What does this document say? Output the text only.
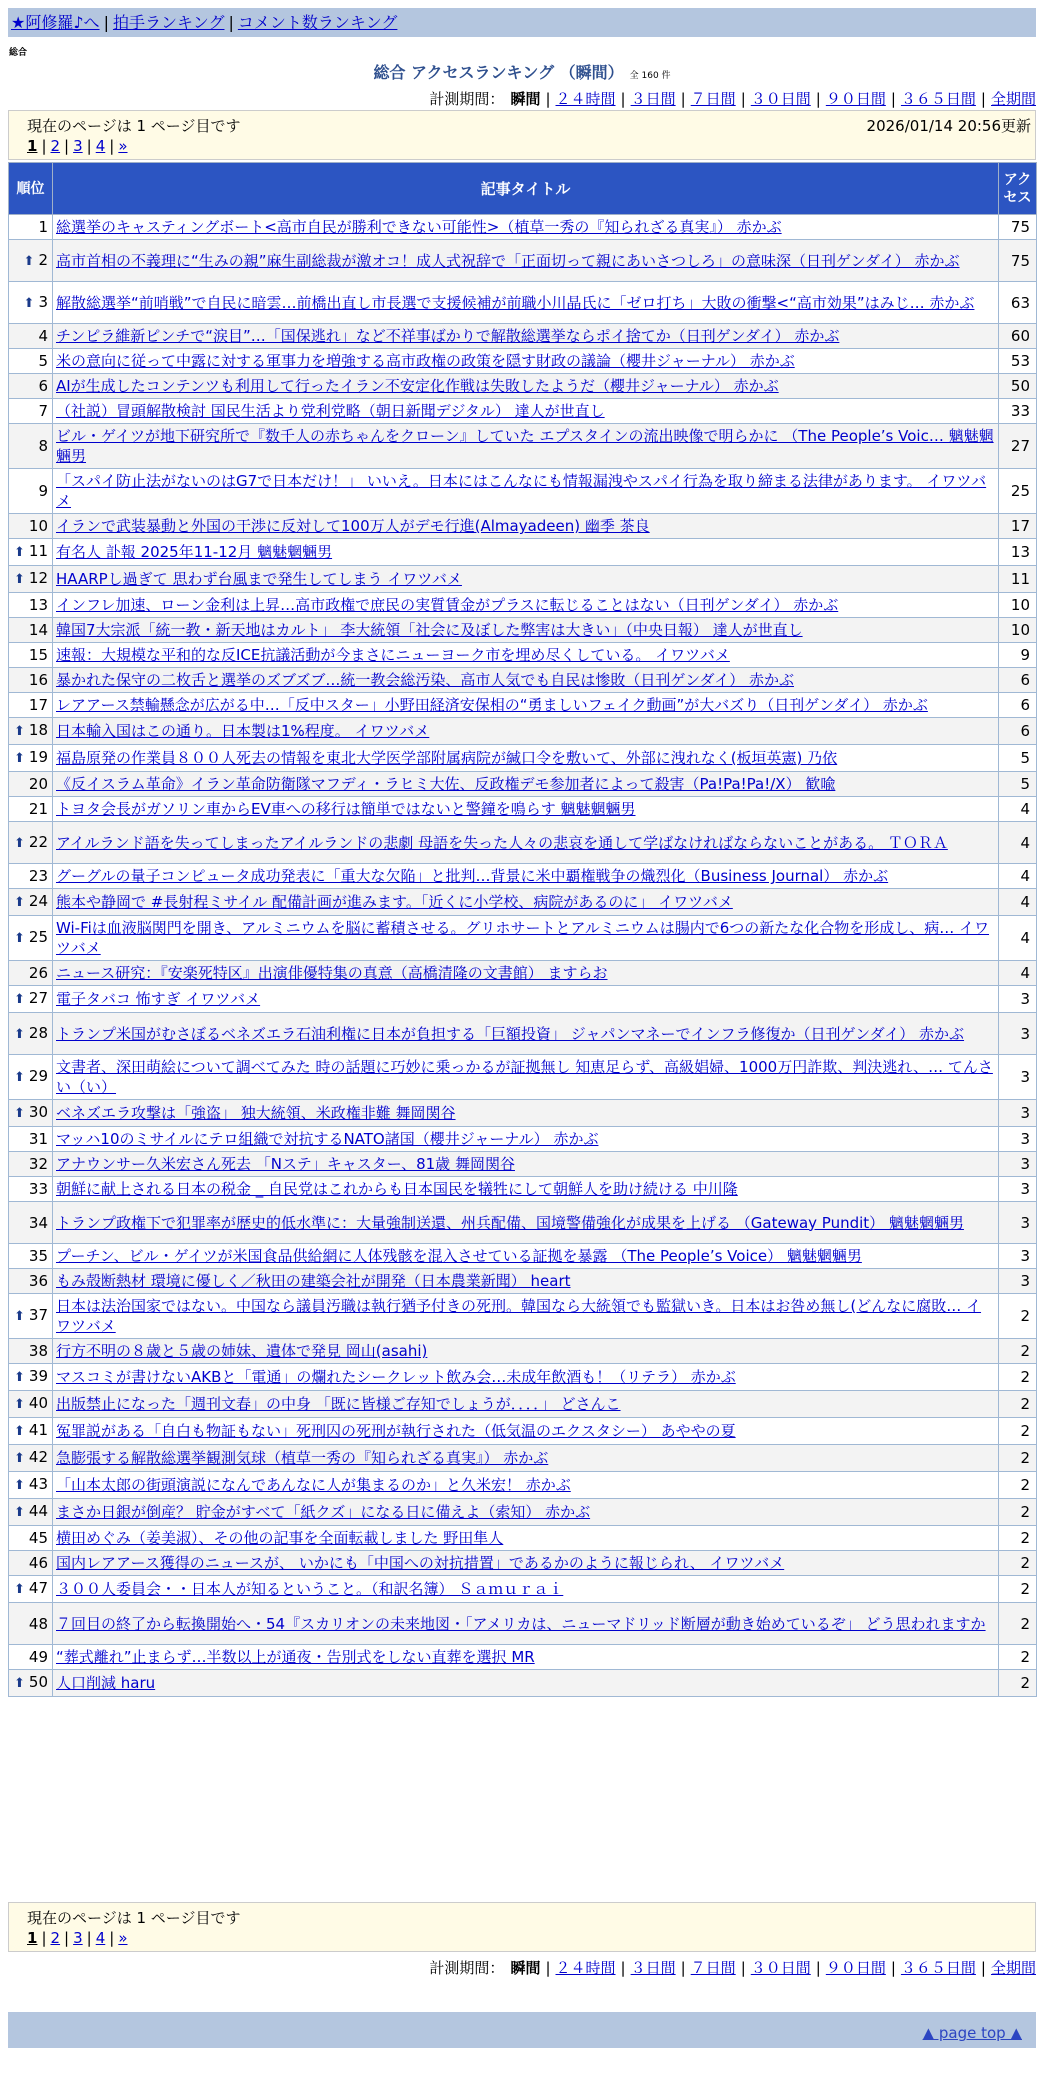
★阿修羅♪へ | 拍手ランキング | コメント数ランキング
総合
総合 アクセスランキング （瞬間） 全 160 件
計測期間： 瞬間 | ２４時間 | ３日間 | ７日間 | ３０日間 | ９０日間 | ３６５日間 | 全期間
現在のページは 1 ページ目です	2026/01/14 20:56更新
1 | 2 | 3 | 4 | »
順位	記事タイトル	アクセス
1	総選挙のキャスティングボート<高市自民が勝利できない可能性>（植草一秀の『知られざる真実』） 赤かぶ	75
⬆ 2	高市首相の不義理に“生みの親”麻生副総裁が激オコ！成人式祝辞で「正面切って親にあいさつしろ」の意味深（日刊ゲンダイ） 赤かぶ	75
⬆ 3	解散総選挙“前哨戦”で自民に暗雲…前橋出直し市長選で支援候補が前職小川晶氏に「ゼロ打ち」大敗の衝撃<“高市効果”はみじ… 赤かぶ	63
4	チンピラ維新ピンチで“涙目”…「国保逃れ」など不祥事ばかりで解散総選挙ならポイ捨てか（日刊ゲンダイ） 赤かぶ	60
5	米の意向に従って中露に対する軍事力を増強する高市政権の政策を隠す財政の議論（櫻井ジャーナル） 赤かぶ	53
6	AIが生成したコンテンツも利用して行ったイラン不安定化作戦は失敗したようだ（櫻井ジャーナル） 赤かぶ	50
7	（社説）冒頭解散検討 国民生活より党利党略（朝日新聞デジタル） 達人が世直し	33
8	ビル・ゲイツが地下研究所で『数千人の赤ちゃんをクローン』していた エプスタインの流出映像で明らかに （The People’s Voic… 魑魅魍魎男	27
9	「スパイ防止法がないのはG7で日本だけ！」 いいえ。日本にはこんなにも情報漏洩やスパイ行為を取り締まる法律があります。 イワツバメ	25
10	イランで武装暴動と外国の干渉に反対して100万人がデモ行進(Almayadeen) 幽季 茶良	17
⬆ 11	有名人 訃報 2025年11-12月 魑魅魍魎男	13
⬆ 12	HAARPし過ぎて 思わず台風まで発生してしまう イワツバメ	11
13	インフレ加速、ローン金利は上昇…高市政権で庶民の実質賃金がプラスに転じることはない（日刊ゲンダイ） 赤かぶ	10
14	韓国7大宗派「統一教・新天地はカルト」 李大統領「社会に及ぼした弊害は大きい」（中央日報） 達人が世直し	10
15	速報：大規模な平和的な反ICE抗議活動が今まさにニューヨーク市を埋め尽くしている。 イワツバメ	9
16	暴かれた保守の二枚舌と選挙のズブズブ…統一教会総汚染、高市人気でも自民は惨敗（日刊ゲンダイ） 赤かぶ	6
17	レアアース禁輸懸念が広がる中…「反中スター」小野田経済安保相の“勇ましいフェイク動画”が大バズり（日刊ゲンダイ） 赤かぶ	6
⬆ 18	日本輸入国はこの通り。日本製は1%程度。 イワツバメ	6
⬆ 19	福島原発の作業員８００人死去の情報を東北大学医学部附属病院が緘口令を敷いて、外部に洩れなく(板垣英憲) 乃依	5
20	《反イスラム革命》イラン革命防衛隊マフディ・ラヒミ大佐、反政権デモ参加者によって殺害（Pa!Pa!Pa!/X） 歓喩	5
21	トヨタ会長がガソリン車からEV車への移行は簡単ではないと警鐘を鳴らす 魑魅魍魎男	4
⬆ 22	アイルランド語を失ってしまったアイルランドの悲劇 母語を失った人々の悲哀を通して学ばなければならないことがある。 ＴＯＲＡ	4
23	グーグルの量子コンピュータ成功発表に「重大な欠陥」と批判…背景に米中覇権戦争の熾烈化（Business Journal） 赤かぶ	4
⬆ 24	熊本や静岡で #長射程ミサイル 配備計画が進みます。「近くに小学校、病院があるのに」 イワツバメ	4
⬆ 25	Wi-Fiは血液脳関門を開き、アルミニウムを脳に蓄積させる。グリホサートとアルミニウムは腸内で6つの新たな化合物を形成し、病… イワツバメ	4
26	ニュース研究：『安楽死特区』出演俳優特集の真意（高橋清隆の文書館） ますらお	4
⬆ 27	電子タバコ 怖すぎ イワツバメ	3
⬆ 28	トランプ米国がむさぼるベネズエラ石油利権に日本が負担する「巨額投資」 ジャパンマネーでインフラ修復か（日刊ゲンダイ） 赤かぶ	3
⬆ 29	文書者、深田萌絵について調べてみた 時の話題に巧妙に乗っかるが証拠無し 知恵足らず、高級娼婦、1000万円詐欺、判決逃れ、… てんさい（い）	3
⬆ 30	ベネズエラ攻撃は「強盗」 独大統領、米政権非難 舞岡関谷	3
31	マッハ10のミサイルにテロ組織で対抗するNATO諸国（櫻井ジャーナル） 赤かぶ	3
32	アナウンサー久米宏さん死去 「Nステ」キャスター、81歳 舞岡関谷	3
33	朝鮮に献上される日本の税金 _ 自民党はこれからも日本国民を犠牲にして朝鮮人を助け続ける 中川隆	3
34	トランプ政権下で犯罪率が歴史的低水準に：大量強制送還、州兵配備、国境警備強化が成果を上げる （Gateway Pundit） 魑魅魍魎男	3
35	プーチン、ビル・ゲイツが米国食品供給網に人体残骸を混入させている証拠を暴露 （The People’s Voice） 魑魅魍魎男	3
36	もみ殻断熱材 環境に優しく／秋田の建築会社が開発（日本農業新聞） heart	3
⬆ 37	日本は法治国家ではない。中国なら議員汚職は執行猶予付きの死刑。韓国なら大統領でも監獄いき。日本はお咎め無し(どんなに腐敗… イワツバメ	2
38	行方不明の８歳と５歳の姉妹、遺体で発見 岡山(asahi)	2
⬆ 39	マスコミが書けないAKBと「電通」の爛れたシークレット飲み会…未成年飲酒も！（リテラ） 赤かぶ	2
⬆ 40	出版禁止になった「週刊文春」の中身 「既に皆様ご存知でしょうが．．．．」 どさんこ	2
⬆ 41	冤罪説がある「自白も物証もない」死刑囚の死刑が執行された（低気温のエクスタシー） あややの夏	2
⬆ 42	急膨張する解散総選挙観測気球（植草一秀の『知られざる真実』） 赤かぶ	2
⬆ 43	「山本太郎の街頭演説になんであんなに人が集まるのか」と久米宏！ 赤かぶ	2
⬆ 44	まさか日銀が倒産？ 貯金がすべて「紙クズ」になる日に備えよ（索知） 赤かぶ	2
45	横田めぐみ（姜美淑）、その他の記事を全面転載しました 野田隼人	2
46	国内レアアース獲得のニュースが、 いかにも「中国への対抗措置」であるかのように報じられ、 イワツバメ	2
⬆ 47	３００人委員会・・日本人が知るということ。（和訳名簿） Ｓａｍｕｒａｉ	2
48	７回目の終了から転換開始へ・54『スカリオンの未来地図・「アメリカは、ニューマドリッド断層が動き始めているぞ」 どう思われますか	2
49	“葬式離れ”止まらず…半数以上が通夜・告別式をしない直葬を選択 MR	2
⬆ 50	人口削減 haru	2
現在のページは 1 ページ目です
1 | 2 | 3 | 4 | »
計測期間： 瞬間 | ２４時間 | ３日間 | ７日間 | ３０日間 | ９０日間 | ３６５日間 | 全期間
▲ page top ▲
